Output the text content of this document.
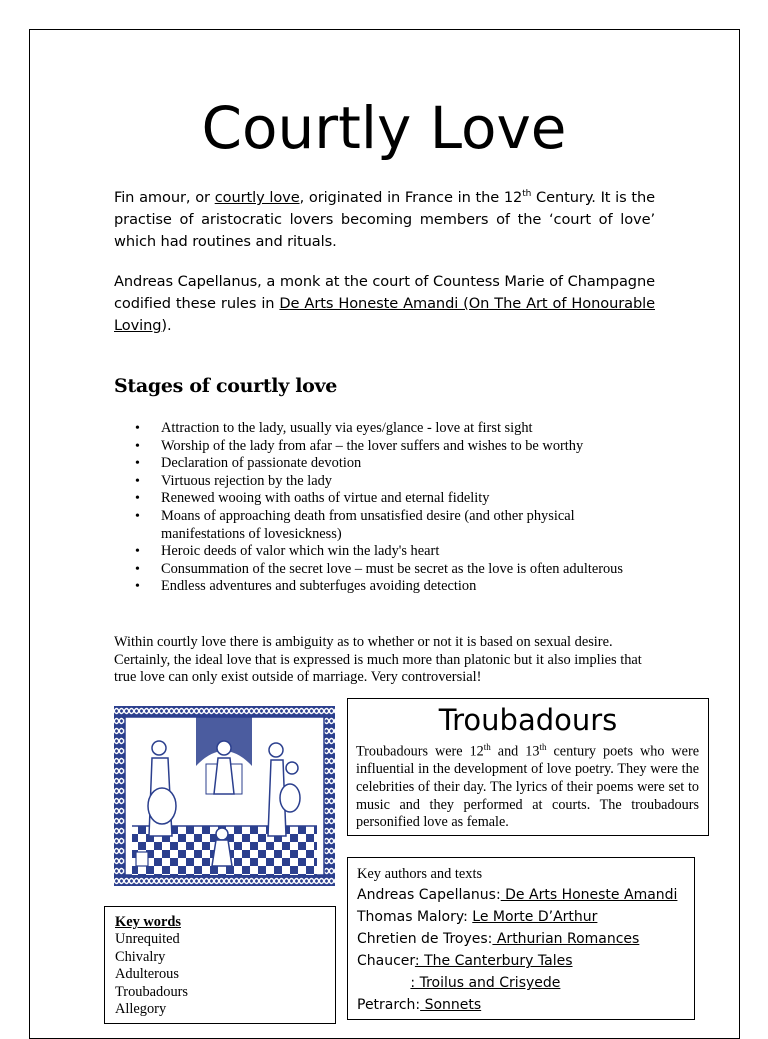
Courtly Love

Fin amour, or courtly love, originated in France in the 12th Century. It is the practise of aristocratic lovers becoming members of the ‘court of love’ which had routines and rituals.

Andreas Capellanus, a monk at the court of Countess Marie of Champagne codified these rules in De Arts Honeste Amandi (On The Art of Honourable Loving).

Stages of courtly love
• Attraction to the lady, usually via eyes/glance - love at first sight
• Worship of the lady from afar – the lover suffers and wishes to be worthy
• Declaration of passionate devotion
• Virtuous rejection by the lady
• Renewed wooing with oaths of virtue and eternal fidelity
• Moans of approaching death from unsatisfied desire (and other physical manifestations of lovesickness)
• Heroic deeds of valor which win the lady's heart
• Consummation of the secret love – must be secret as the love is often adulterous
• Endless adventures and subterfuges avoiding detection

Within courtly love there is ambiguity as to whether or not it is based on sexual desire. Certainly, the ideal love that is expressed is much more than platonic but it also implies that true love can only exist outside of marriage. Very controversial!

Troubadours

Troubadours were 12th and 13th century poets who were influential in the development of love poetry. They were the celebrities of their day. The lyrics of their poems were set to music and they performed at courts. The troubadours personified love as female.

Key authors and texts

Andreas Capellanus: De Arts Honeste Amandi
Thomas Malory: Le Morte D’Arthur
Chretien de Troyes: Arthurian Romances
Chaucer: The Canterbury Tales
: Troilus and Crisyede
Petrarch: Sonnets

Key words

Unrequited
Chivalry
Adulterous
Troubadours
Allegory
